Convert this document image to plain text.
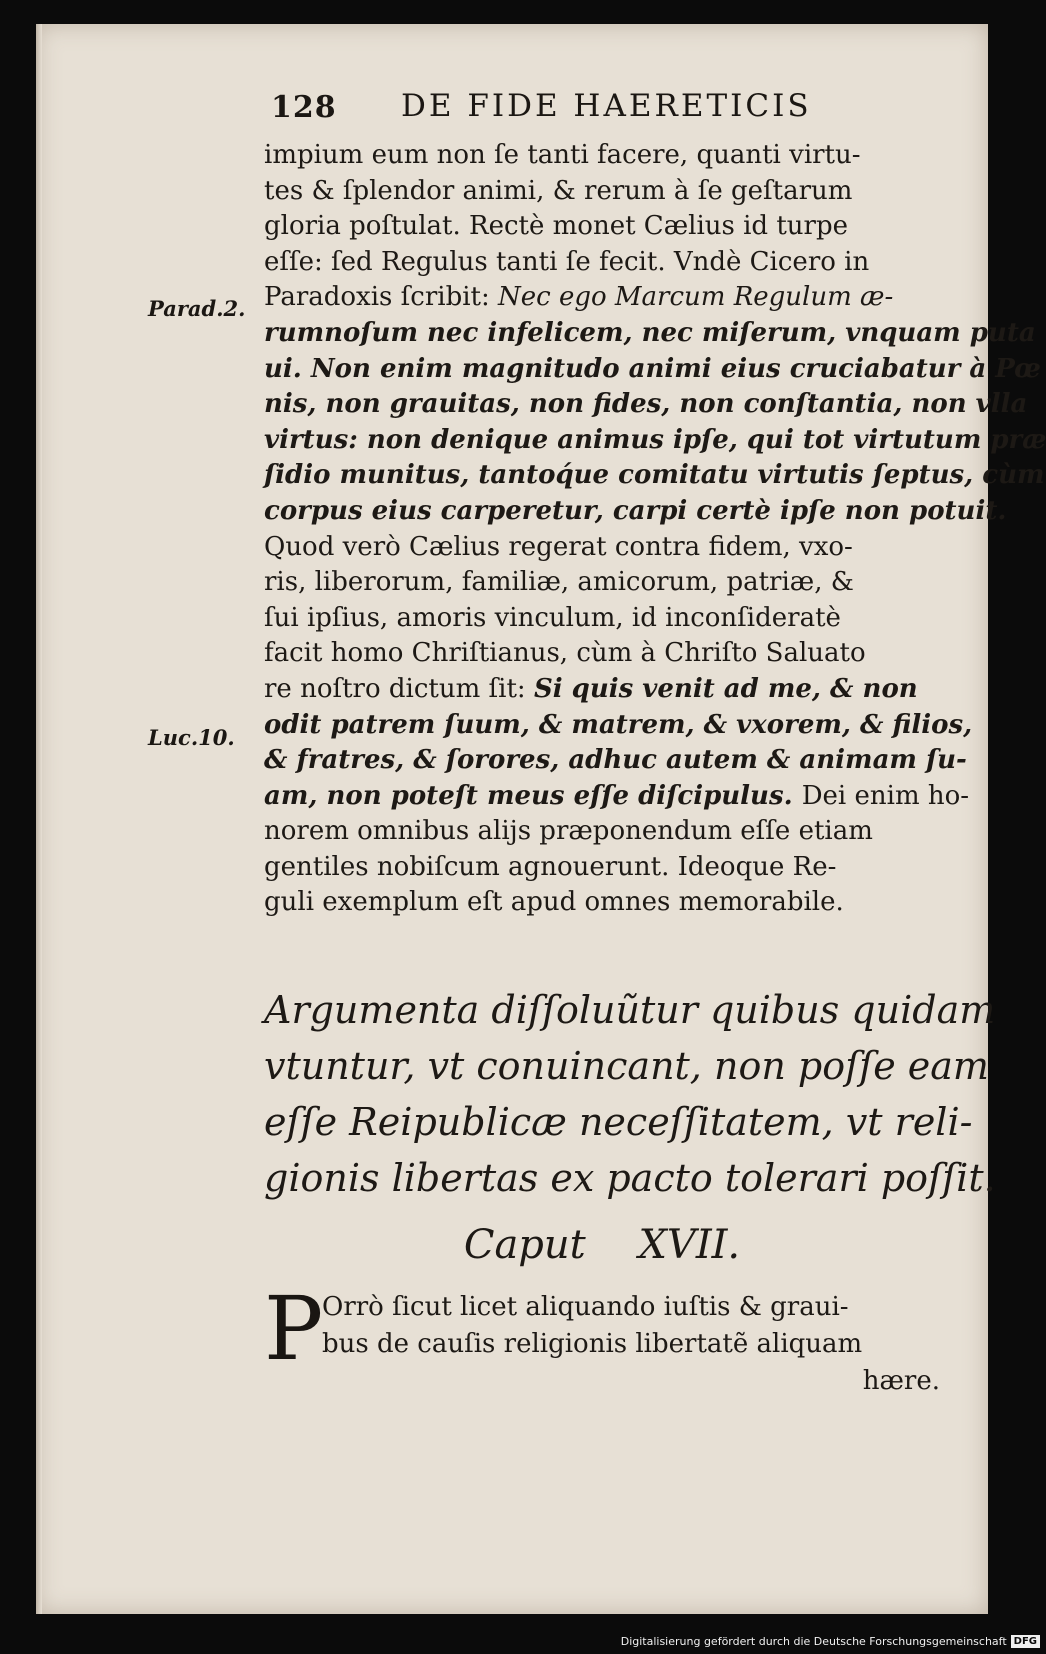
128 DE FIDE HAERETICIS
Parad.2.
Luc.10.
impium eum non ſe tanti facere, quanti virtu-
tes & ſplendor animi, & rerum à ſe geſtarum
gloria poſtulat. Rectè monet Cælius id turpe
eſſe: ſed Regulus tanti ſe fecit. Vndè Cicero in
Paradoxis ſcribit: Nec ego Marcum Regulum æ-
rumnoſum nec infelicem, nec miſerum, vnquam puta
ui. Non enim magnitudo animi eius cruciabatur à Pœ
nis, non grauitas, non fides, non conſtantia, non vlla
virtus: non denique animus ipſe, qui tot virtutum præ
ſidio munitus, tantoq́ue comitatu virtutis ſeptus, cùm
corpus eius carperetur, carpi certè ipſe non potuit.
Quod verò Cælius regerat contra fidem, vxo-
ris, liberorum, familiæ, amicorum, patriæ, &
ſui ipſius, amoris vinculum, id inconſideratè
facit homo Chriſtianus, cùm à Chriſto Saluato
re noſtro dictum ſit: Si quis venit ad me, & non
odit patrem ſuum, & matrem, & vxorem, & filios,
& fratres, & ſorores, adhuc autem & animam ſu-
am, non poteſt meus eſſe diſcipulus. Dei enim ho-
norem omnibus alijs præponendum eſſe etiam
gentiles nobiſcum agnouerunt. Ideoque Re-
guli exemplum eſt apud omnes memorabile.
Argumenta diſſoluũtur quibus quidam
vtuntur, vt conuincant, non poſſe eam
eſſe Reipublicæ neceſſitatem, vt reli-
gionis libertas ex pacto tolerari poſſit.
Caput XVII.
P
Orrò ſicut licet aliquando iuſtis & graui-
bus de cauſis religionis libertatẽ aliquam
hære.
Digitalisierung gefördert durch die Deutsche Forschungsgemeinschaft DFG
